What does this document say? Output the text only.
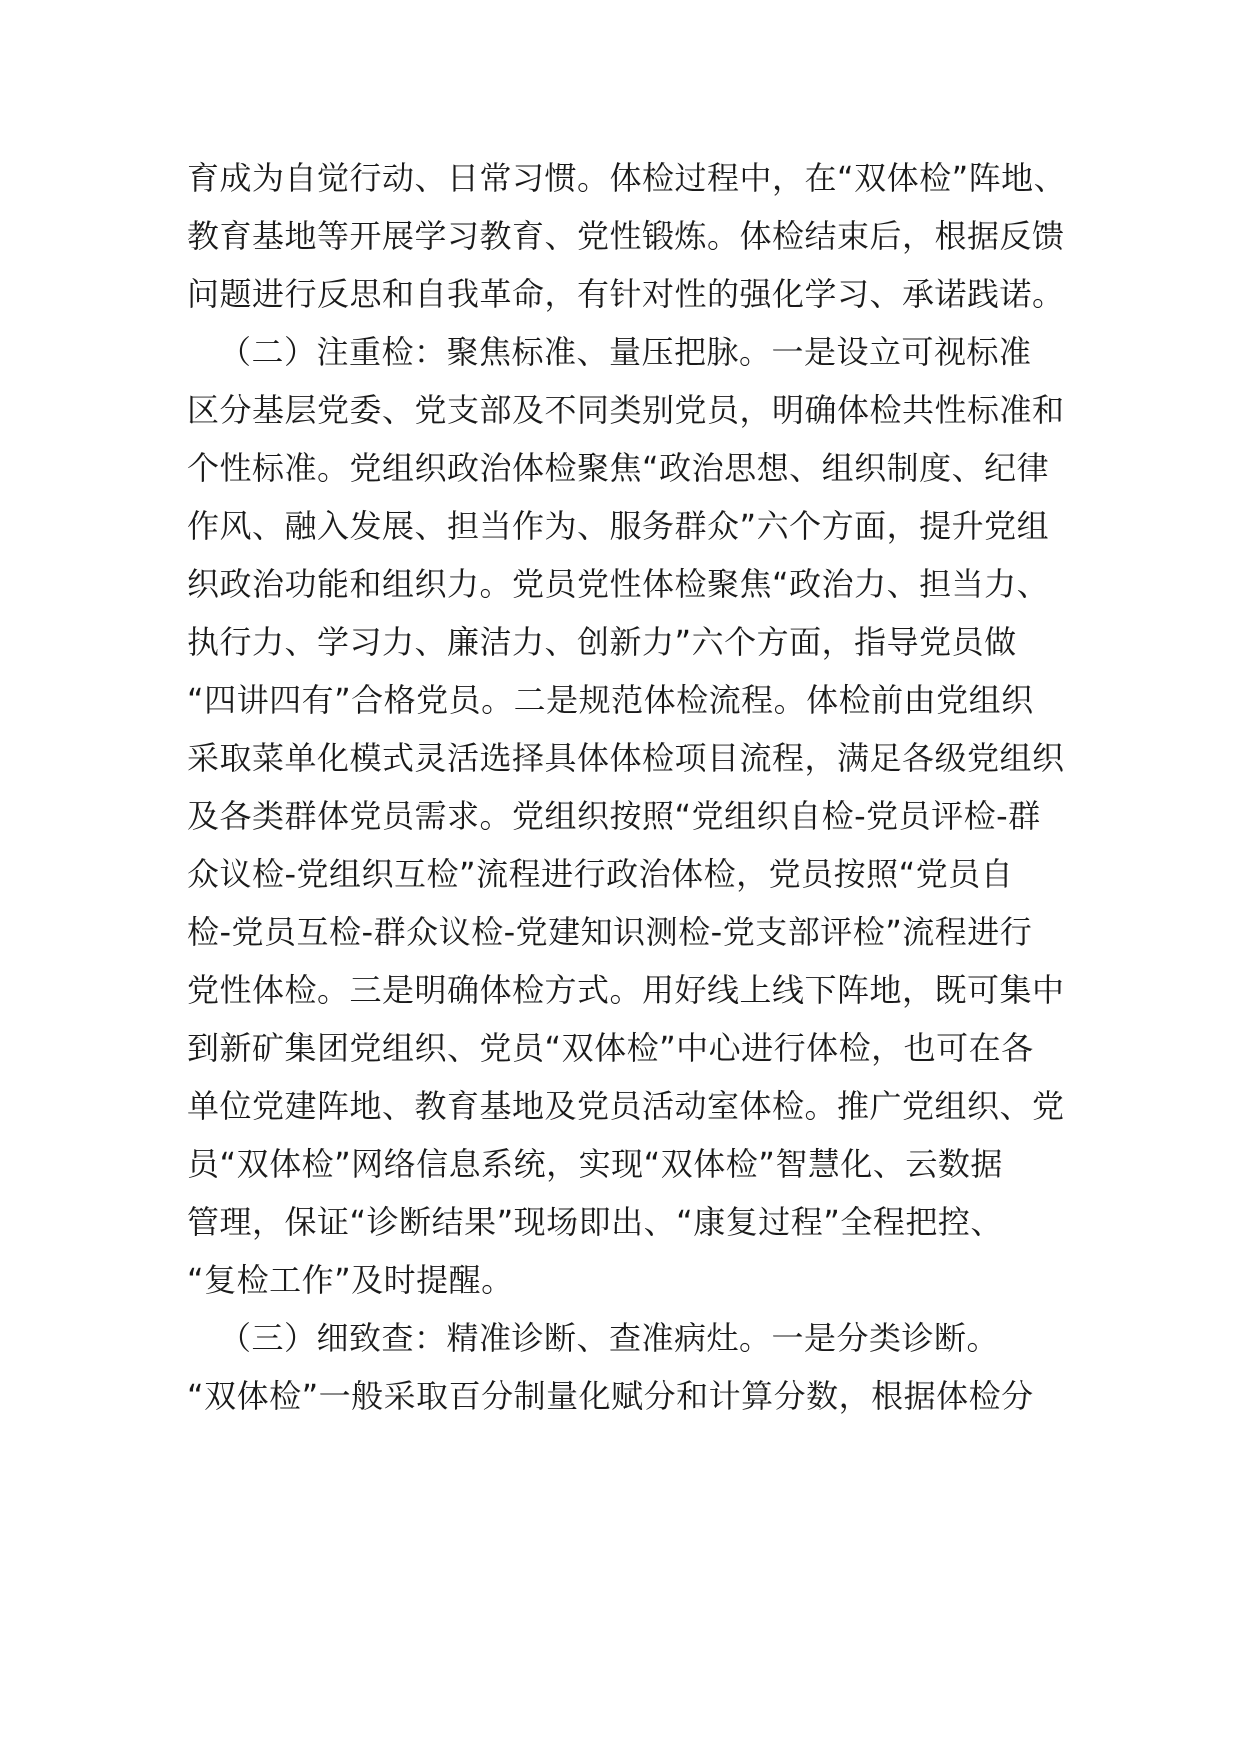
育成为自觉行动、日常习惯。体检过程中，在“双体检”阵地、
教育基地等开展学习教育、党性锻炼。体检结束后，根据反馈
问题进行反思和自我革命，有针对性的强化学习、承诺践诺。
（二）注重检：聚焦标准、量压把脉。一是设立可视标准
区分基层党委、党支部及不同类别党员，明确体检共性标准和
个性标准。党组织政治体检聚焦“政治思想、组织制度、纪律
作风、融入发展、担当作为、服务群众”六个方面，提升党组
织政治功能和组织力。党员党性体检聚焦“政治力、担当力、
执行力、学习力、廉洁力、创新力”六个方面，指导党员做
“四讲四有”合格党员。二是规范体检流程。体检前由党组织
采取菜单化模式灵活选择具体体检项目流程，满足各级党组织
及各类群体党员需求。党组织按照“党组织自检-党员评检-群
众议检-党组织互检”流程进行政治体检，党员按照“党员自
检-党员互检-群众议检-党建知识测检-党支部评检”流程进行
党性体检。三是明确体检方式。用好线上线下阵地，既可集中
到新矿集团党组织、党员“双体检”中心进行体检，也可在各
单位党建阵地、教育基地及党员活动室体检。推广党组织、党
员“双体检”网络信息系统，实现“双体检”智慧化、云数据
管理，保证“诊断结果”现场即出、“康复过程”全程把控、
“复检工作”及时提醒。
（三）细致查：精准诊断、查准病灶。一是分类诊断。
“双体检”一般采取百分制量化赋分和计算分数，根据体检分
